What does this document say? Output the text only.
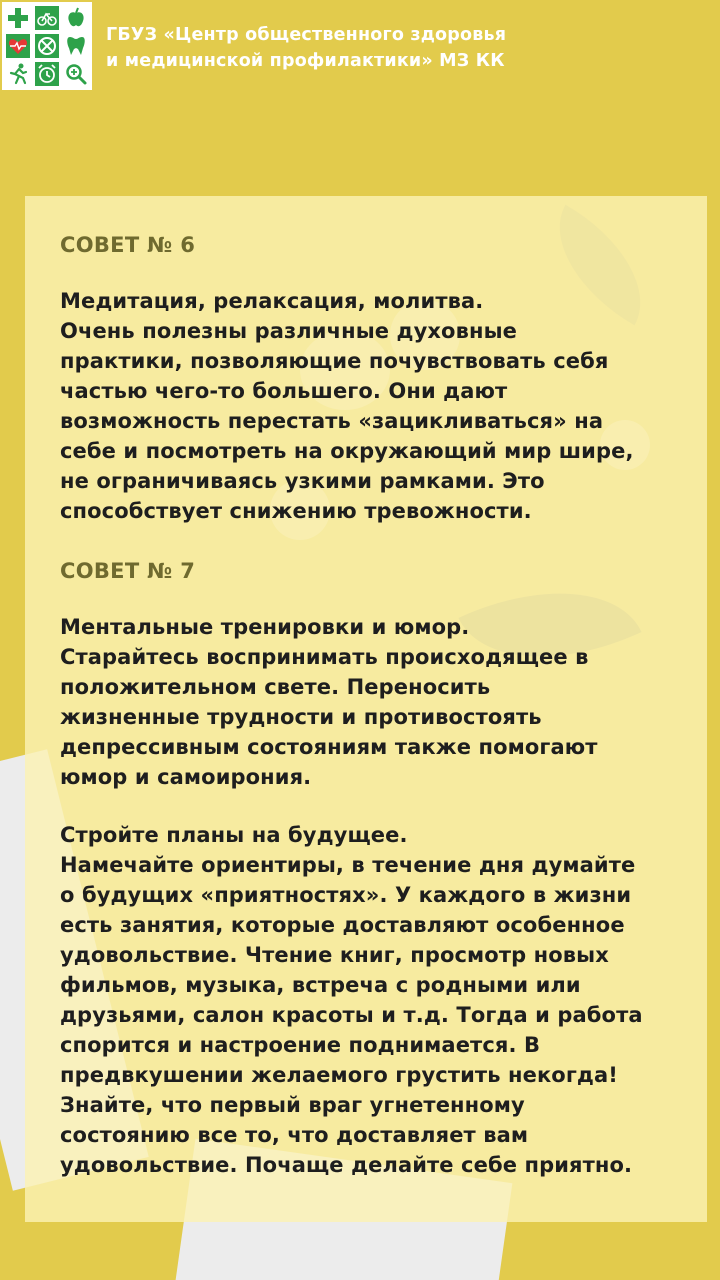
ГБУЗ «Центр общественного здоровья
и медицинской профилактики» МЗ КК

СОВЕТ № 6

Медитация, релаксация, молитва.
Очень полезны различные духовные
практики, позволяющие почувствовать себя
частью чего-то большего. Они дают
возможность перестать «зацикливаться» на
себе и посмотреть на окружающий мир шире,
не ограничиваясь узкими рамками. Это
способствует снижению тревожности.

СОВЕТ № 7

Ментальные тренировки и юмор.
Старайтесь воспринимать происходящее в
положительном свете. Переносить
жизненные трудности и противостоять
депрессивным состояниям также помогают
юмор и самоирония.

Стройте планы на будущее.
Намечайте ориентиры, в течение дня думайте
о будущих «приятностях». У каждого в жизни
есть занятия, которые доставляют особенное
удовольствие. Чтение книг, просмотр новых
фильмов, музыка, встреча с родными или
друзьями, салон красоты и т.д. Тогда и работа
спорится и настроение поднимается. В
предвкушении желаемого грустить некогда!
Знайте, что первый враг угнетенному
состоянию все то, что доставляет вам
удовольствие. Почаще делайте себе приятно.
